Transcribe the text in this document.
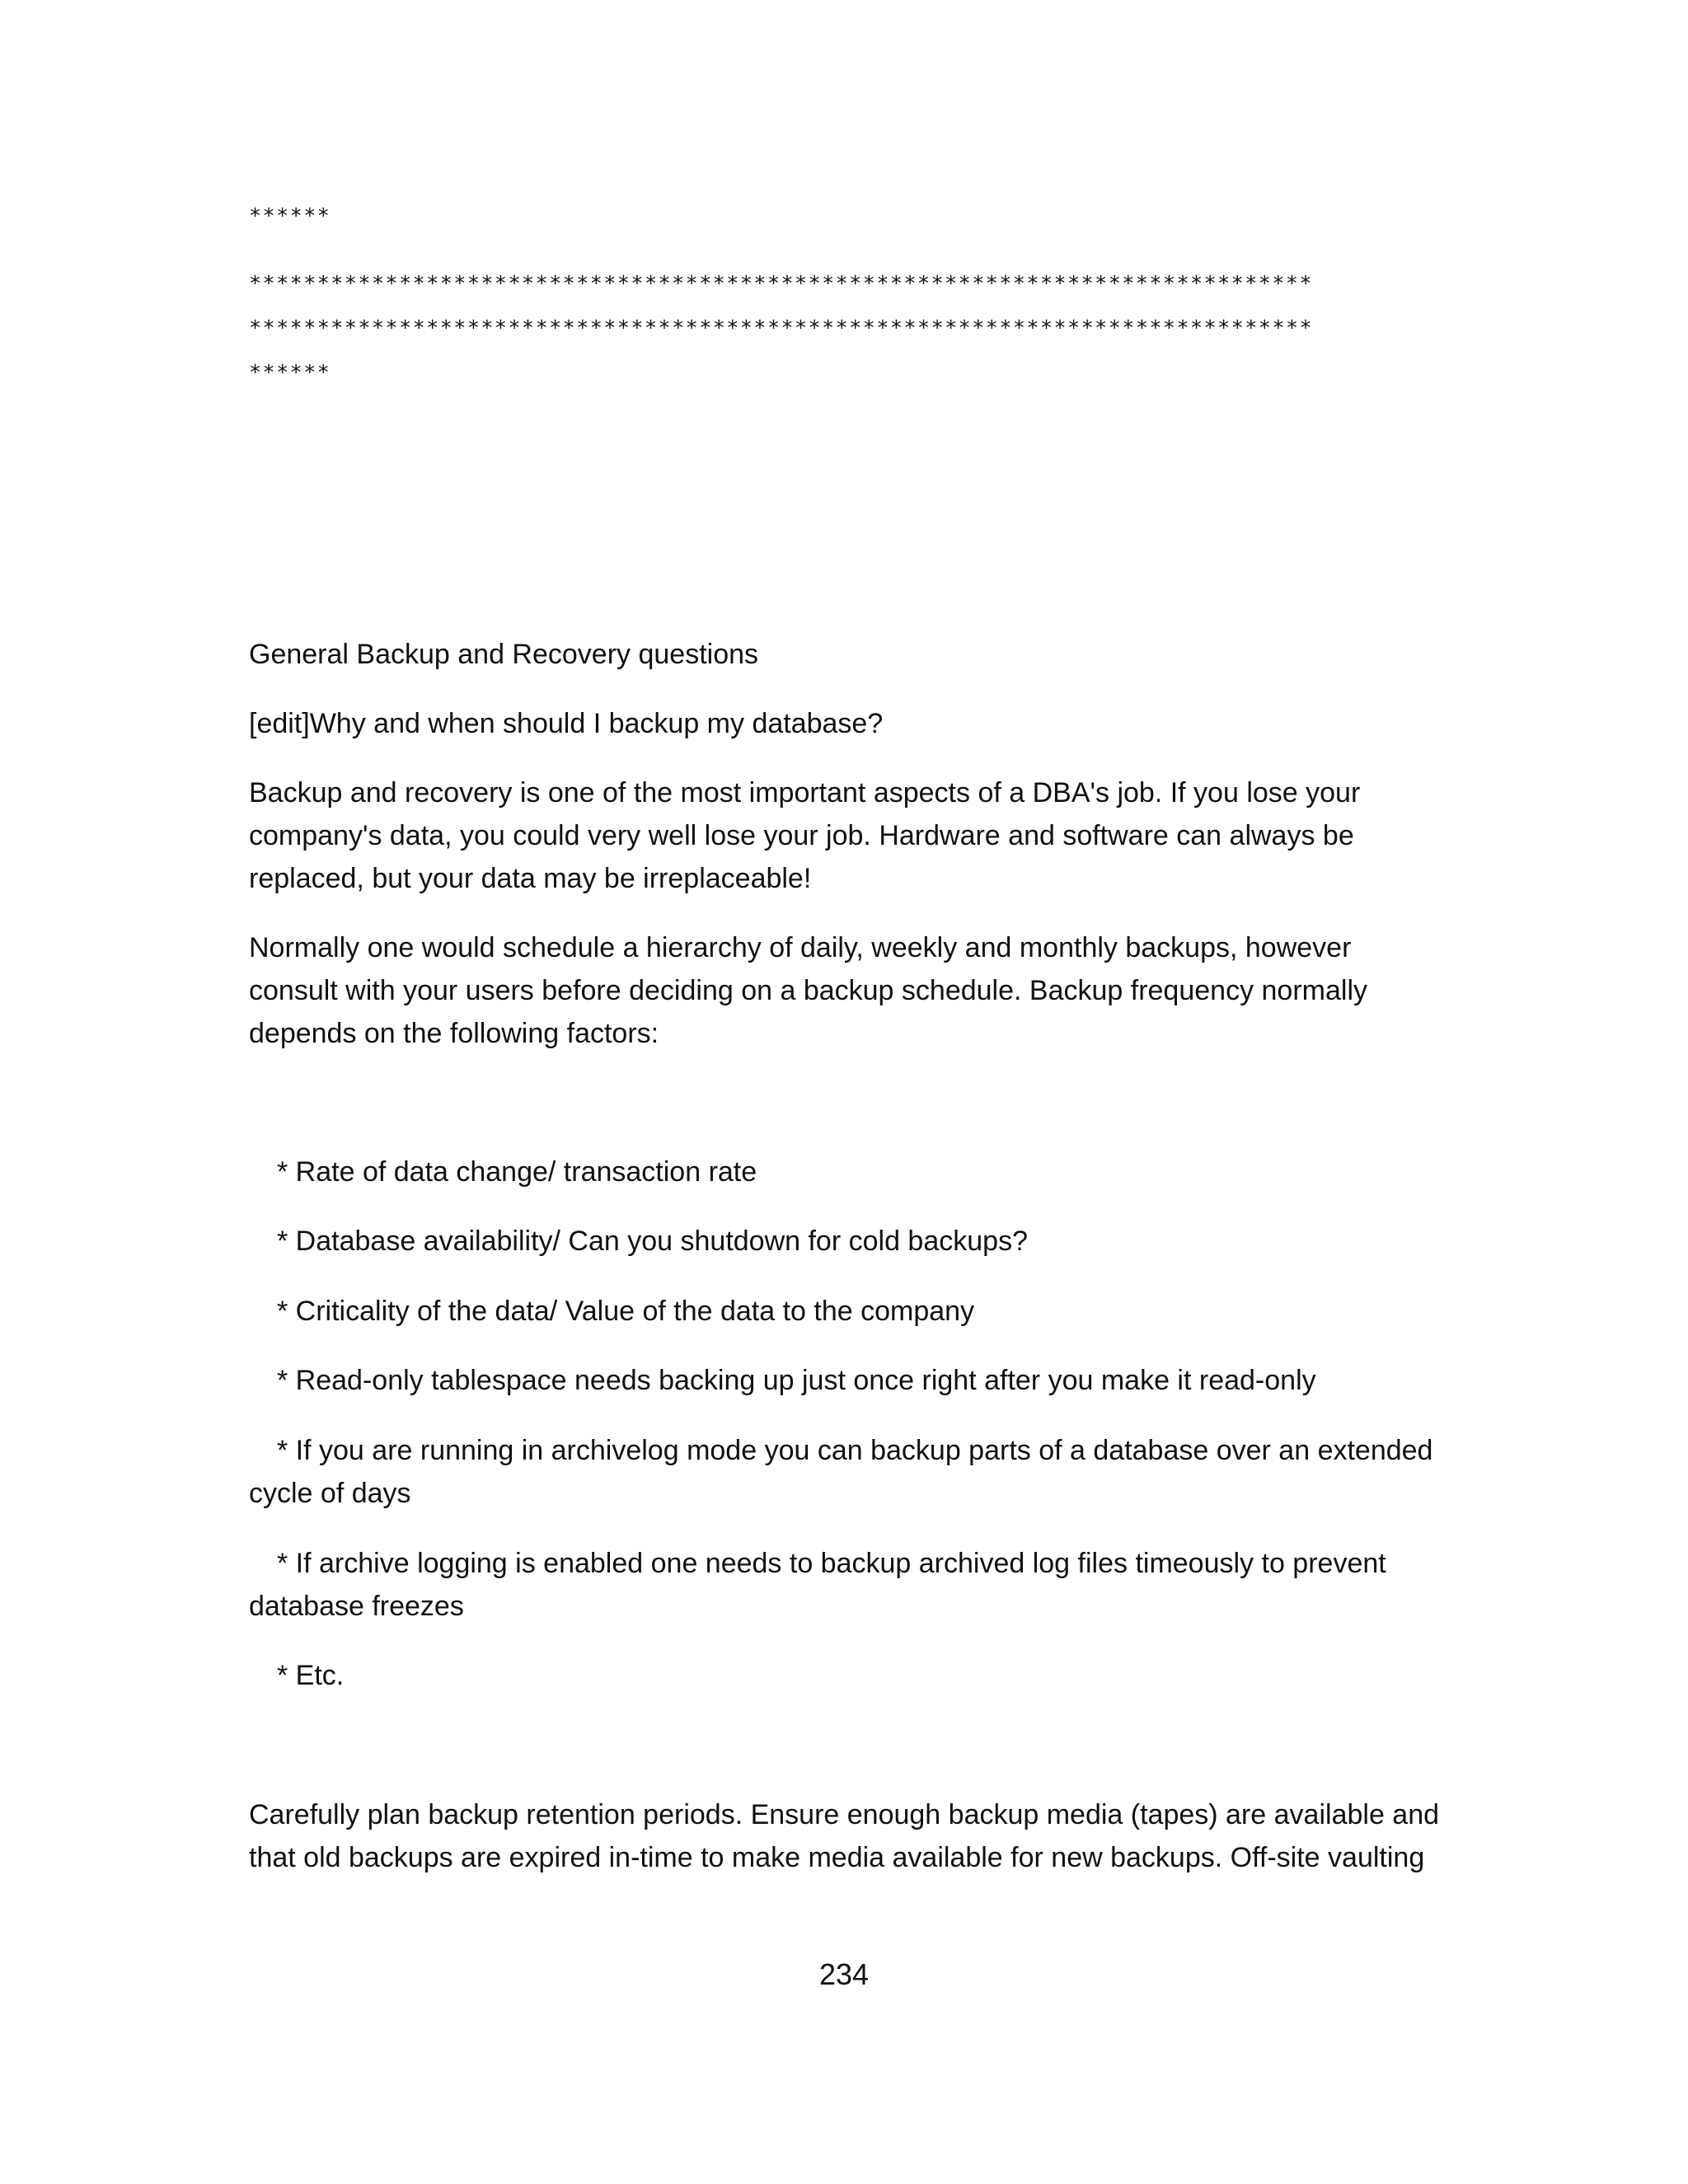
******

******************************************************************************

******************************************************************************

******

General Backup and Recovery questions

[edit]Why and when should I backup my database?

Backup and recovery is one of the most important aspects of a DBA's job. If you lose your

company's data, you could very well lose your job. Hardware and software can always be

replaced, but your data may be irreplaceable!

Normally one would schedule a hierarchy of daily, weekly and monthly backups, however

consult with your users before deciding on a backup schedule. Backup frequency normally

depends on the following factors:

* Rate of data change/ transaction rate

* Database availability/ Can you shutdown for cold backups?

* Criticality of the data/ Value of the data to the company

* Read-only tablespace needs backing up just once right after you make it read-only

* If you are running in archivelog mode you can backup parts of a database over an extended

cycle of days

* If archive logging is enabled one needs to backup archived log files timeously to prevent

database freezes

* Etc.

Carefully plan backup retention periods. Ensure enough backup media (tapes) are available and

that old backups are expired in-time to make media available for new backups. Off-site vaulting

234
